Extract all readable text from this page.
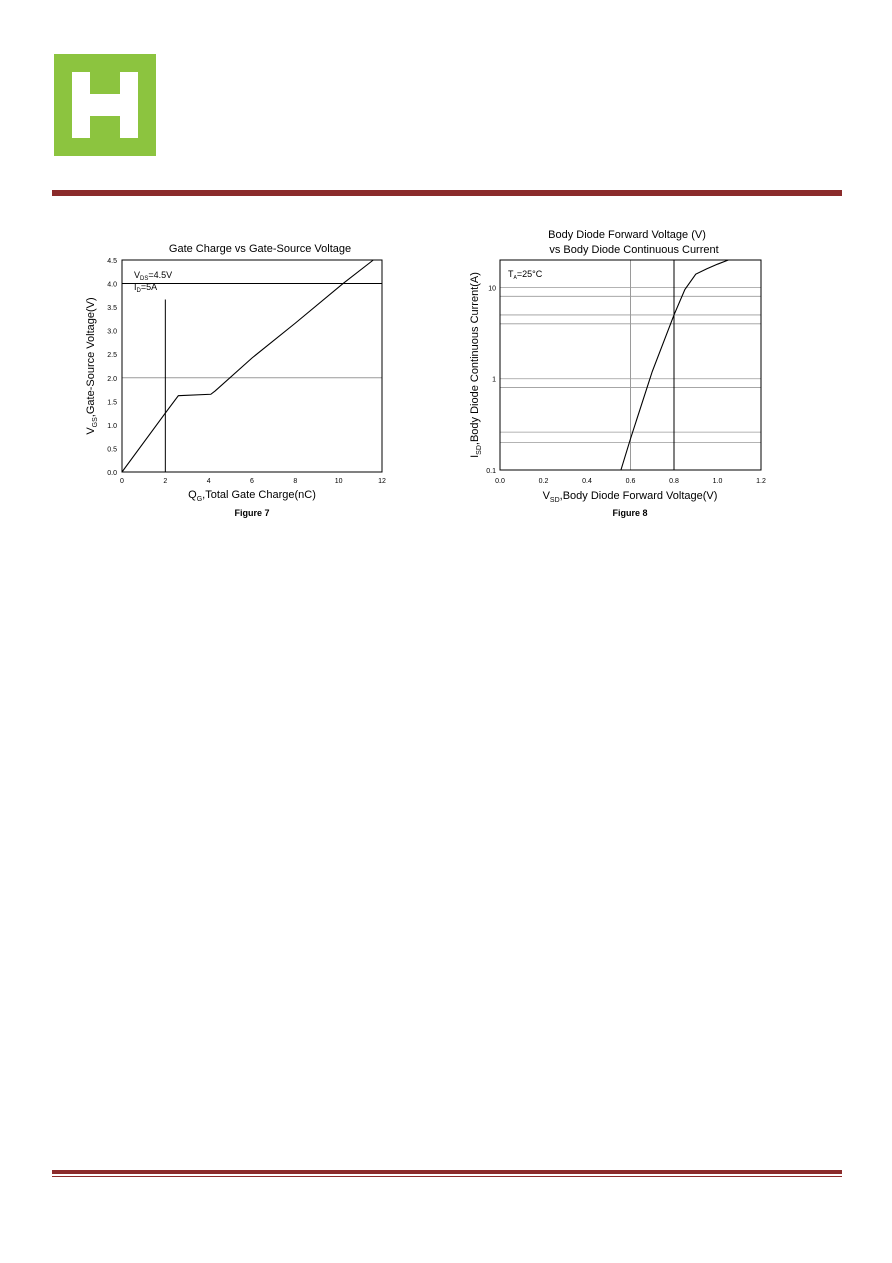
Gate Charge vs Gate-Source Voltage
0	2	4	6	8	10	12
0.0
0.5
1.0
1.5
2.0
2.5
3.0
3.5
4.0
4.5
$V_{DS}=4.5V$
$I_D=5A$
$Q_G,Total$ Gate Charge(nC)
$V_{GS},Gate$-Source Voltage(V)
Figure 7
Body Diode Forward Voltage (V)
vs Body Diode Continuous Current
0.0	0.2	0.4	0.6	0.8	1.0	1.2
0.1
1
10
$T_A=25^\circ C$
$V_{SD},Body$ Diode Forward Voltage(V)
$I_{SD},Body$ Diode Continuous Current(A)
Figure 8
